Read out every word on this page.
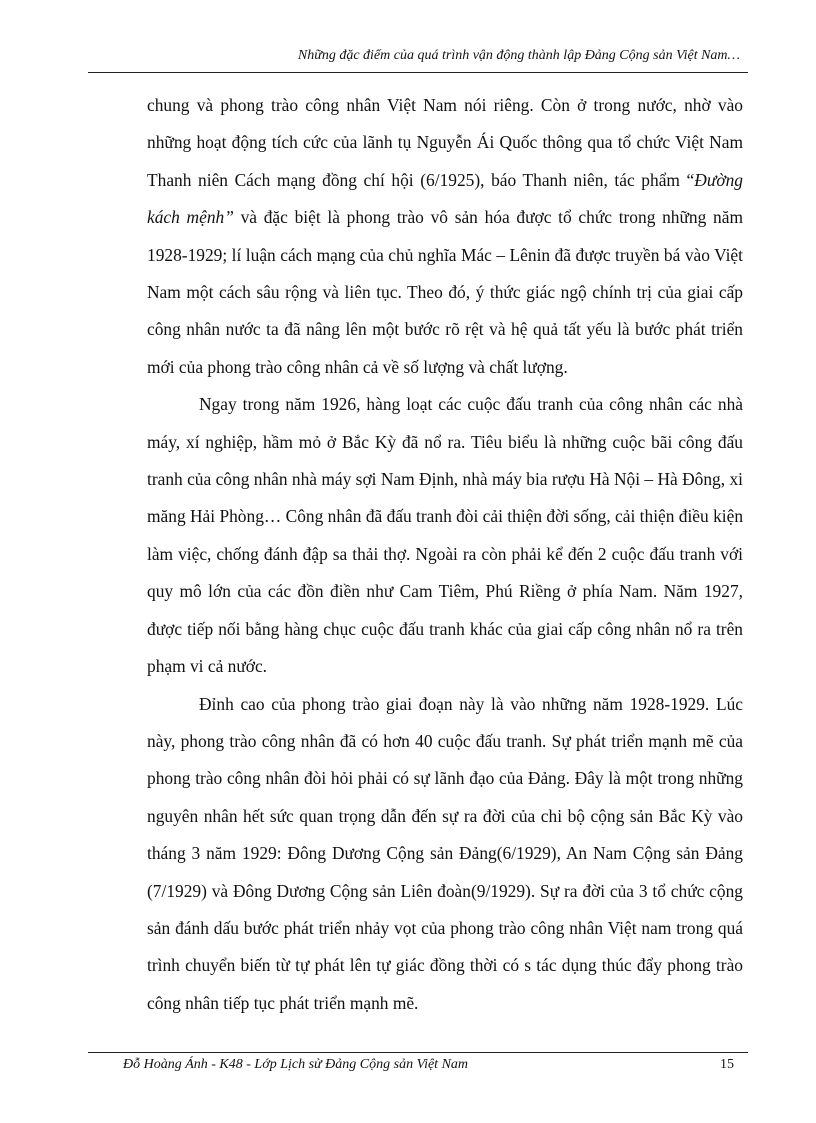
Những đặc điểm của quá trình vận động thành lập Đảng Cộng sản Việt Nam…

chung và phong trào công nhân Việt Nam nói riêng. Còn ở trong nước, nhờ vào những hoạt động tích cức của lãnh tụ Nguyễn Ái Quốc thông qua tổ chức Việt Nam Thanh niên Cách mạng đồng chí hội (6/1925), báo Thanh niên, tác phẩm “Đường kách mệnh” và đặc biệt là phong trào vô sản hóa được tổ chức trong những năm 1928-1929; lí luận cách mạng của chủ nghĩa Mác – Lênin đã được truyền bá vào Việt Nam một cách sâu rộng và liên tục. Theo đó, ý thức giác ngộ chính trị của giai cấp công nhân nước ta đã nâng lên một bước rõ rệt và hệ quả tất yếu là bước phát triển mới của phong trào công nhân cả về số lượng và chất lượng.

Ngay trong năm 1926, hàng loạt các cuộc đấu tranh của công nhân các nhà máy, xí nghiệp, hầm mỏ ở Bắc Kỳ đã nổ ra. Tiêu biểu là những cuộc bãi công đấu tranh của công nhân nhà máy sợi Nam Định, nhà máy bia rượu Hà Nội – Hà Đông, xi măng Hải Phòng… Công nhân đã đấu tranh đòi cải thiện đời sống, cải thiện điều kiện làm việc, chống đánh đập sa thải thợ. Ngoài ra còn phải kể đến 2 cuộc đấu tranh với quy mô lớn của các đồn điền như Cam Tiêm, Phú Riềng ở phía Nam. Năm 1927, được tiếp nối bằng hàng chục cuộc đấu tranh khác của giai cấp công nhân nổ ra trên phạm vi cả nước.

Đỉnh cao của phong trào giai đoạn này là vào những năm 1928-1929. Lúc này, phong trào công nhân đã có hơn 40 cuộc đấu tranh. Sự phát triển mạnh mẽ của phong trào công nhân đòi hỏi phải có sự lãnh đạo của Đảng. Đây là một trong những nguyên nhân hết sức quan trọng dẫn đến sự ra đời của chi bộ cộng sản Bắc Kỳ vào tháng 3 năm 1929: Đông Dương Cộng sản Đảng(6/1929), An Nam Cộng sản Đảng (7/1929) và Đông Dương Cộng sản Liên đoàn(9/1929). Sự ra đời của 3 tổ chức cộng sản đánh dấu bước phát triển nhảy vọt của phong trào công nhân Việt nam trong quá trình chuyển biến từ tự phát lên tự giác đồng thời có s tác dụng thúc đẩy phong trào công nhân tiếp tục phát triển mạnh mẽ.

Đỗ Hoàng Ánh - K48 - Lớp Lịch sử Đảng Cộng sản Việt Nam	15
